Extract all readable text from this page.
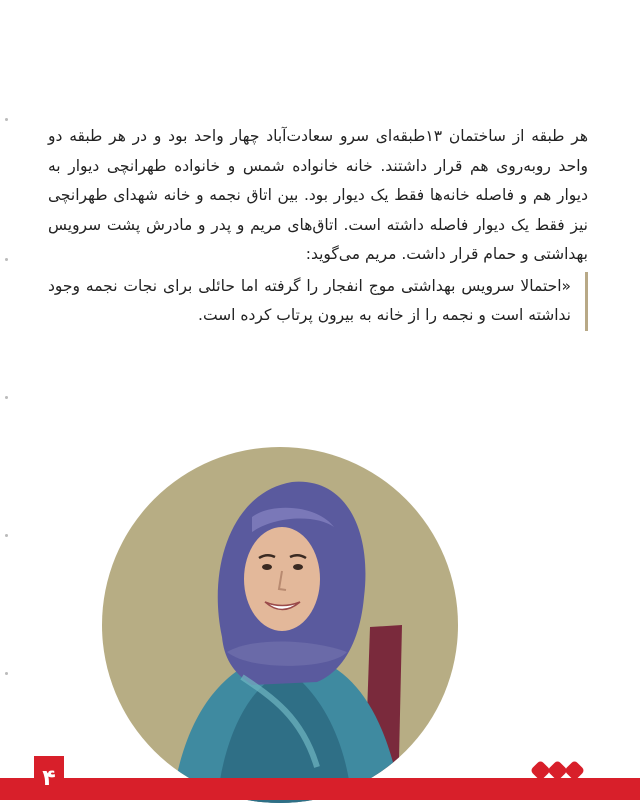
هر طبقه از ساختمان ۱۳طبقه‌ای سرو سعادت‌آباد چهار واحد بود و در هر طبقه دو واحد روبه‌روی هم قرار داشتند. خانه خانواده شمس و خانواده طهرانچی دیوار به دیوار هم و فاصله خانه‌ها فقط یک دیوار بود. بین اتاق نجمه و خانه شهدای طهرانچی نیز فقط یک دیوار فاصله داشته است. اتاق‌های مریم و پدر و مادرش پشت سرویس بهداشتی و حمام قرار داشت. مریم می‌گوید:

«احتمالا سرویس بهداشتی موج انفجار را گرفته اما حائلی برای نجات نجمه وجود نداشته است و نجمه را از خانه به بیرون پرتاب کرده است.
۴
